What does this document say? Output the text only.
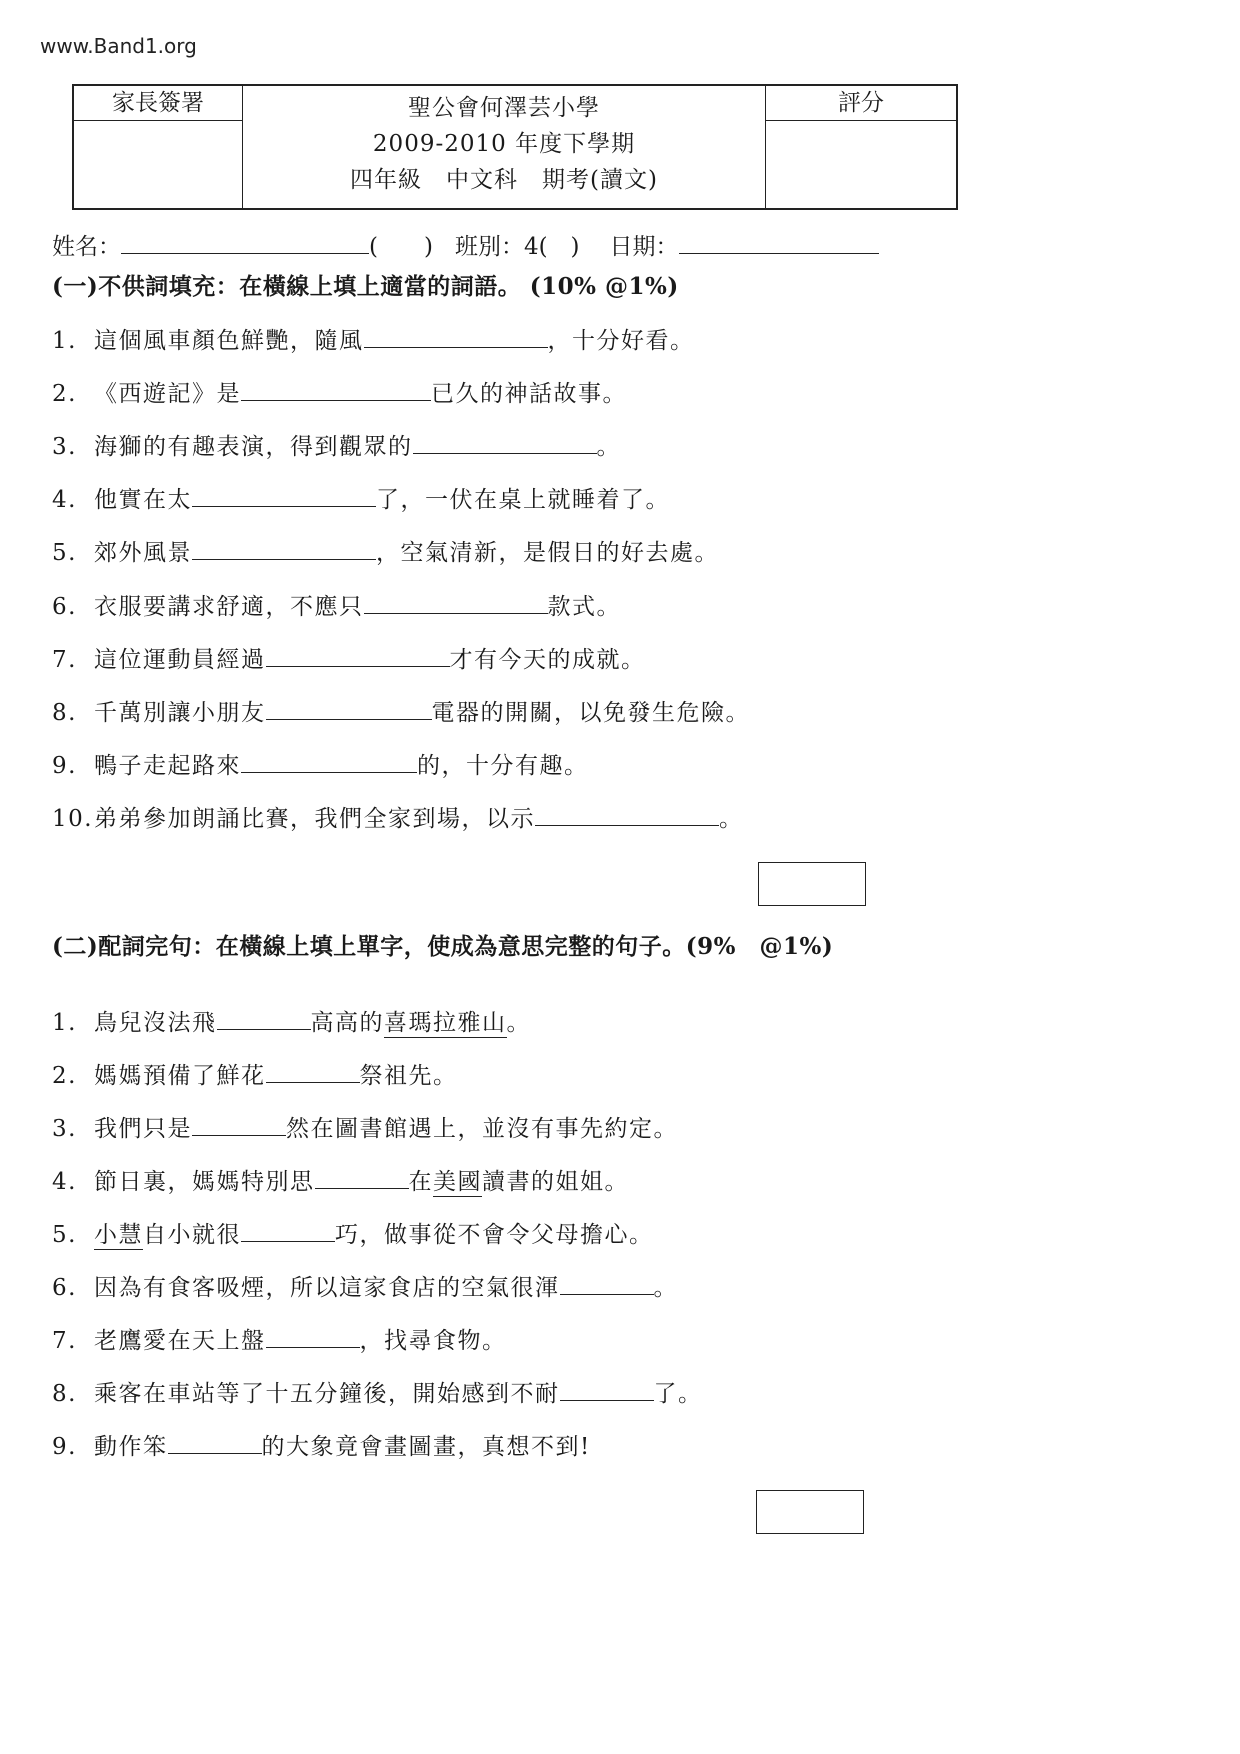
www.Band1.org
家長簽署	聖公會何澤芸小學
2009-2010 年度下學期
四年級　中文科　期考(讀文)

評分
姓名：	(　　) 班別：4(　) 日期：
(一)不供詞填充：在橫線上填上適當的詞語。 (10% @1%)
1. 這個風車顏色鮮艷，隨風	，十分好看。
2. 《西遊記》是	已久的神話故事。
3. 海獅的有趣表演，得到觀眾的	。
4. 他實在太	了，一伏在桌上就睡着了。
5. 郊外風景	，空氣清新，是假日的好去處。
6. 衣服要講求舒適，不應只	款式。
7. 這位運動員經過	才有今天的成就。
8. 千萬別讓小朋友	電器的開關，以免發生危險。
9. 鴨子走起路來	的，十分有趣。
10.弟弟參加朗誦比賽，我們全家到場，以示	。
(二)配詞完句：在橫線上填上單字，使成為意思完整的句子。(9%　@1%)
1. 鳥兒沒法飛	高高的喜瑪拉雅山。
2. 媽媽預備了鮮花	祭祖先。
3. 我們只是	然在圖書館遇上，並沒有事先約定。
4. 節日裏，媽媽特別思	在美國讀書的姐姐。
5. 小慧自小就很	巧，做事從不會令父母擔心。
6. 因為有食客吸煙，所以這家食店的空氣很渾	。
7. 老鷹愛在天上盤	，找尋食物。
8. 乘客在車站等了十五分鐘後，開始感到不耐	了。
9. 動作笨	的大象竟會畫圖畫，真想不到!
